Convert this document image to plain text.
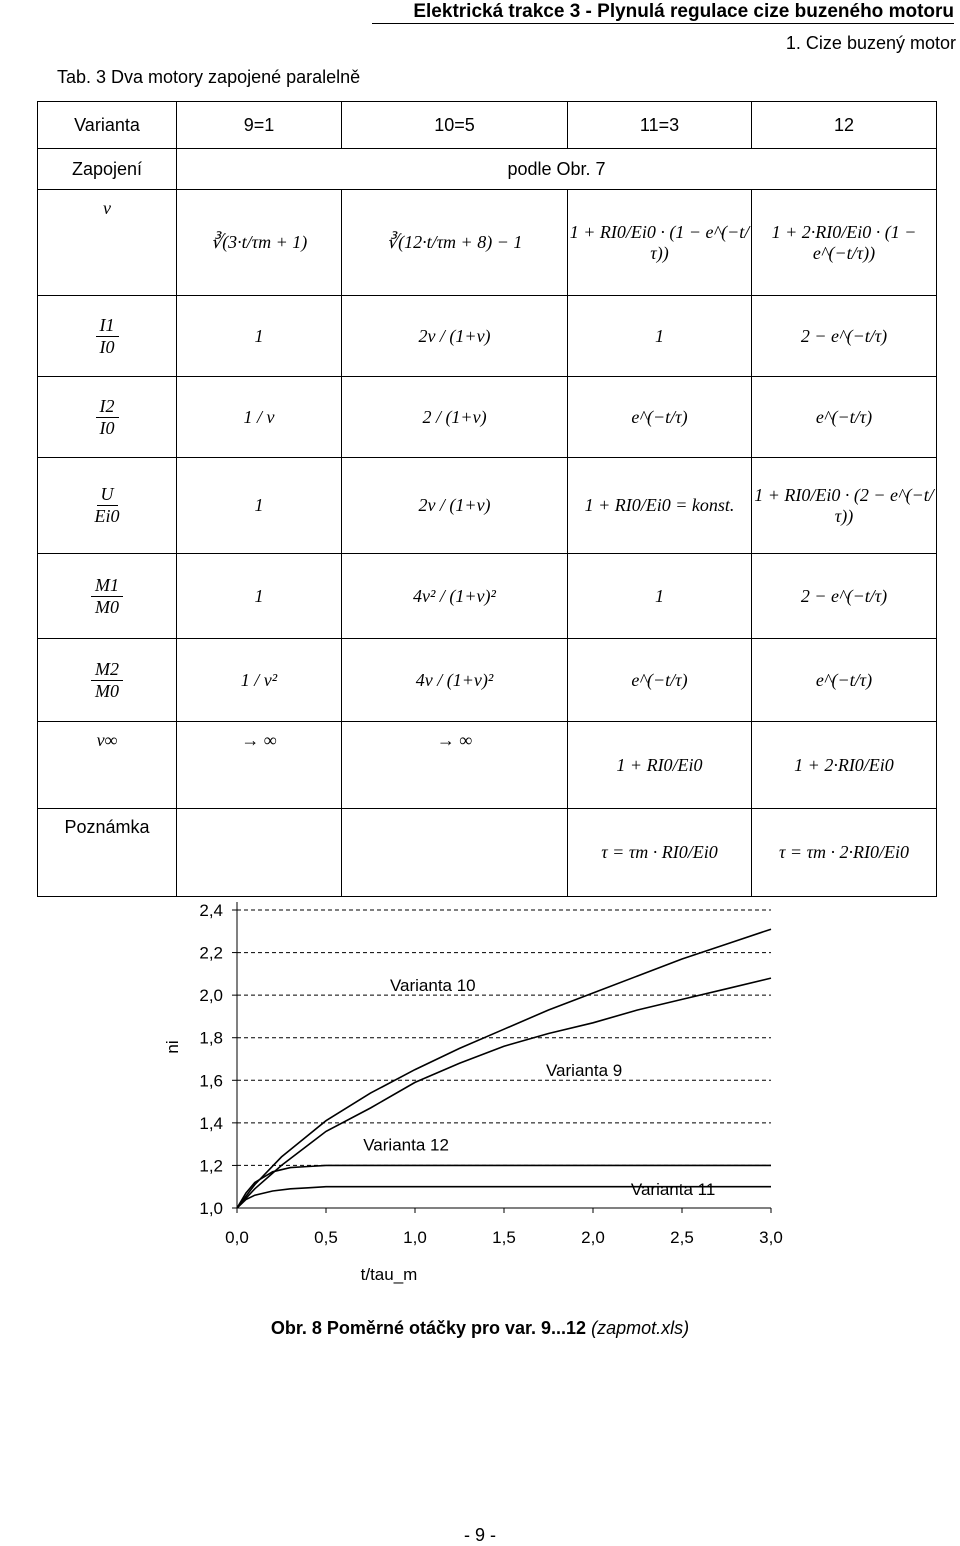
Elektrická trakce 3 - Plynulá regulace cize buzeného motoru
1. Cize buzený motor
Tab. 3 Dva motory zapojené paralelně
Varianta	9=1	10=5	11=3	12
Zapojení	podle Obr. 7			
ν	∛(3·t/τm + 1)	∛(12·t/τm + 8) − 1	1 + RI0/Ei0 · (1 − e^(−t/τ))	1 + 2·RI0/Ei0 · (1 − e^(−t/τ))

$\frac{I1}{I0}$	1	2ν / (1+ν)	1	2 − e^(−t/τ)

$\frac{I2}{I0}$	1 / ν	2 / (1+ν)	e^(−t/τ)	e^(−t/τ)

$\frac{U}{Ei0}$	1	2ν / (1+ν)	1 + RI0/Ei0 = konst.	1 + RI0/Ei0 · (2 − e^(−t/τ))

$\frac{M1}{M0}$	1	4ν² / (1+ν)²	1	2 − e^(−t/τ)

$\frac{M2}{M0}$	1 / ν²	4ν / (1+ν)²	e^(−t/τ)	e^(−t/τ)
ν∞	→ ∞	→ ∞	1 + RI0/Ei0	1 + 2·RI0/Ei0
Poznámka			τ = τm · RI0/Ei0	τ = τm · 2·RI0/Ei0
1,0
1,2
1,4
1,6
1,8
2,0
2,2
2,4
0,0	0,5	1,0	1,5	2,0	2,5	3,0
t/tau_m
ni
Varianta 10
Varianta 9
Varianta 12
Varianta 11
Obr. 8 Poměrné otáčky pro var. 9...12 (zapmot.xls)
- 9 -
